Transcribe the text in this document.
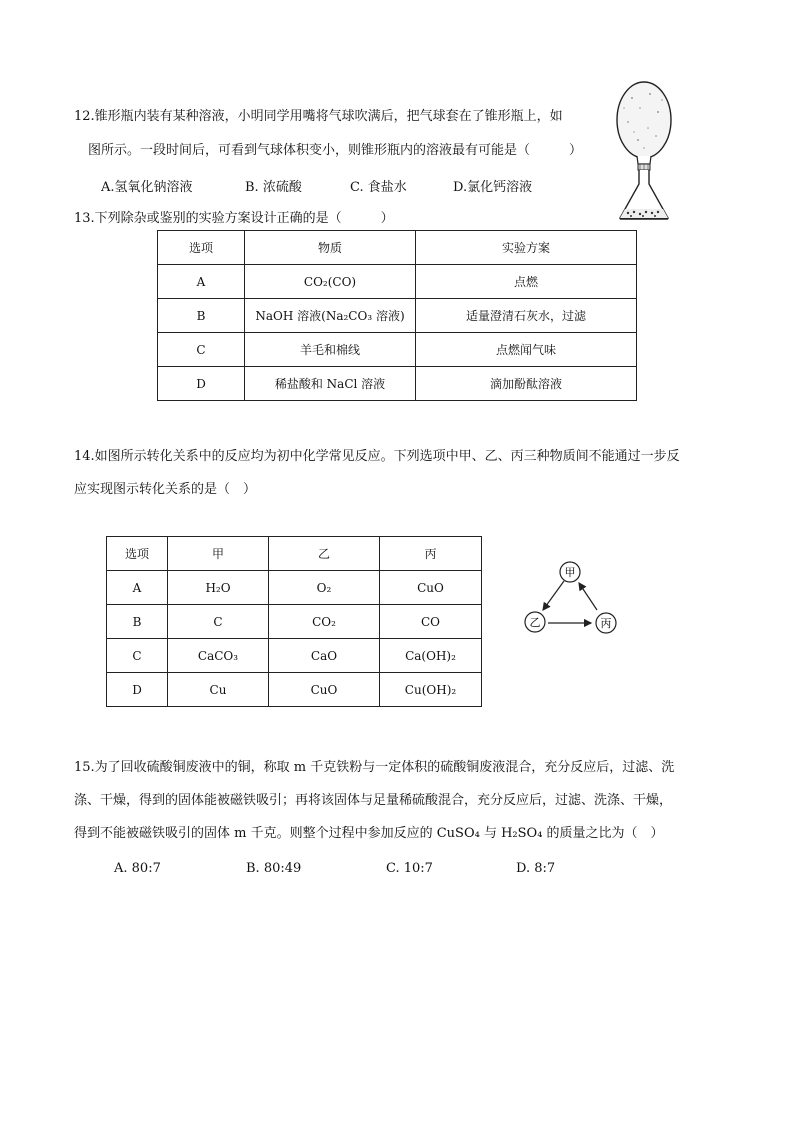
12.锥形瓶内装有某种溶液，小明同学用嘴将气球吹满后，把气球套在了锥形瓶上，如
图所示。一段时间后，可看到气球体积变小，则锥形瓶内的溶液最有可能是（　　　）
A.氢氧化钠溶液	B. 浓硫酸	C. 食盐水	D.氯化钙溶液
13.下列除杂或鉴别的实验方案设计正确的是（　　　）
选项	物质	实验方案
A	CO₂(CO)	点燃
B	NaOH 溶液(Na₂CO₃ 溶液)	适量澄清石灰水，过滤
C	羊毛和棉线	点燃闻气味
D	稀盐酸和 NaCl 溶液	滴加酚酞溶液
14.如图所示转化关系中的反应均为初中化学常见反应。下列选项中甲、乙、丙三种物质间不能通过一步反
应实现图示转化关系的是（　）
选项	甲	乙	丙
A	H₂O	O₂	CuO
B	C	CO₂	CO
C	CaCO₃	CaO	Ca(OH)₂
D	Cu	CuO	Cu(OH)₂
甲
乙	丙
15.为了回收硫酸铜废液中的铜，称取 m 千克铁粉与一定体积的硫酸铜废液混合，充分反应后，过滤、洗
涤、干燥，得到的固体能被磁铁吸引；再将该固体与足量稀硫酸混合，充分反应后，过滤、洗涤、干燥，
得到不能被磁铁吸引的固体 m 千克。则整个过程中参加反应的 CuSO₄ 与 H₂SO₄ 的质量之比为（　）
A. 80:7	B. 80:49	C. 10:7	D. 8:7
